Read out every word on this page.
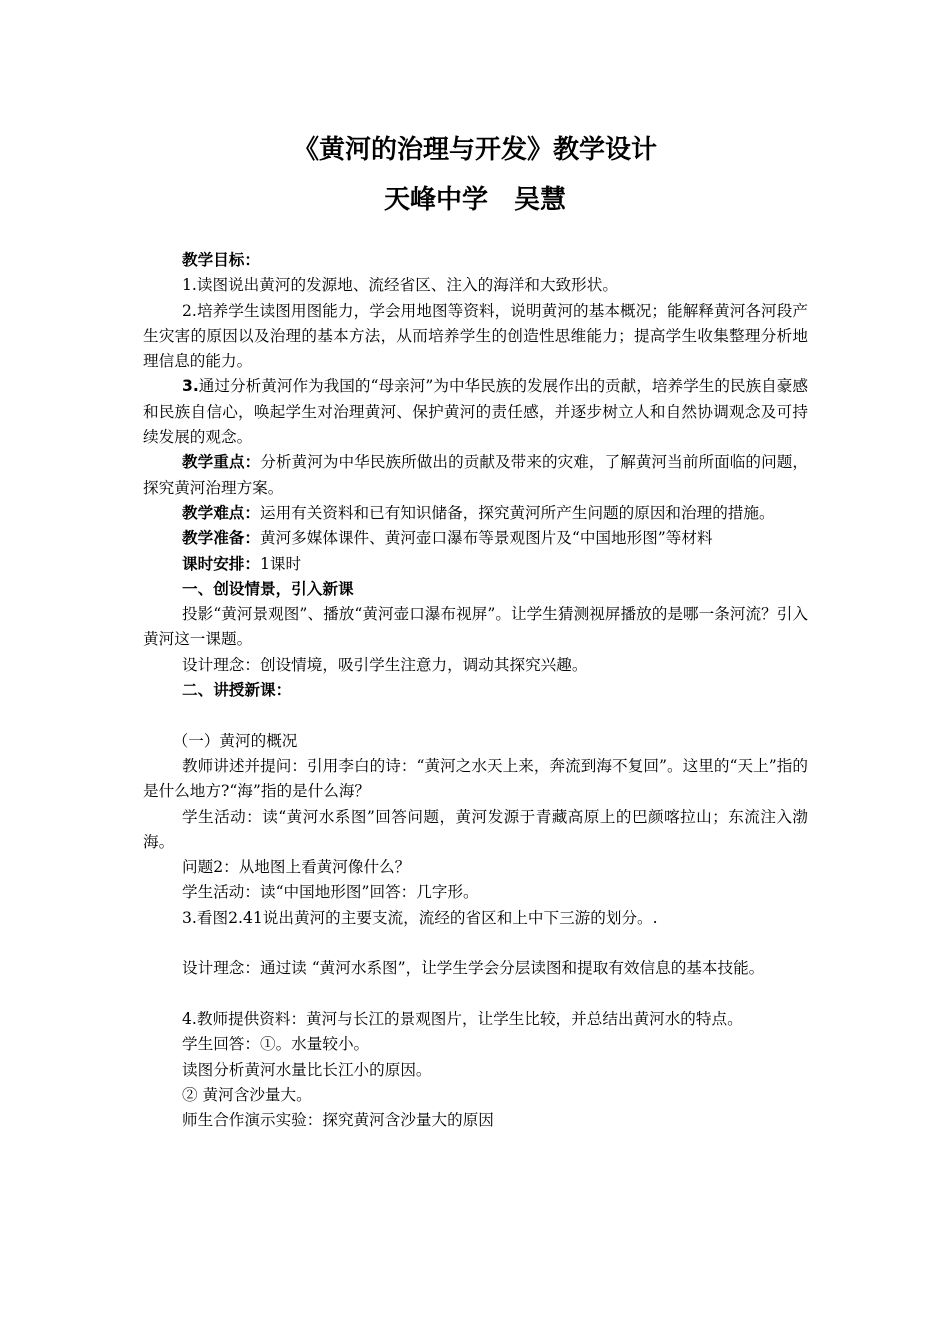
《黄河的治理与开发》教学设计
天峰中学　吴慧

教学目标：

1.读图说出黄河的发源地、流经省区、注入的海洋和大致形状。

2.培养学生读图用图能力，学会用地图等资料，说明黄河的基本概况；能解释黄河各河段产生灾害的原因以及治理的基本方法，从而培养学生的创造性思维能力；提高学生收集整理分析地理信息的能力。

3.通过分析黄河作为我国的“母亲河”为中华民族的发展作出的贡献，培养学生的民族自豪感和民族自信心，唤起学生对治理黄河、保护黄河的责任感，并逐步树立人和自然协调观念及可持续发展的观念。

教学重点：分析黄河为中华民族所做出的贡献及带来的灾难，了解黄河当前所面临的问题，探究黄河治理方案。

教学难点：运用有关资料和已有知识储备，探究黄河所产生问题的原因和治理的措施。

教学准备：黄河多媒体课件、黄河壶口瀑布等景观图片及“中国地形图”等材料

课时安排：1课时

一、创设情景，引入新课

投影“黄河景观图”、播放“黄河壶口瀑布视屏”。让学生猜测视屏播放的是哪一条河流？引入黄河这一课题。

设计理念：创设情境，吸引学生注意力，调动其探究兴趣。

二、讲授新课：

（一）黄河的概况

教师讲述并提问：引用李白的诗：“黄河之水天上来，奔流到海不复回”。这里的“天上”指的是什么地方?“海”指的是什么海？

学生活动：读“黄河水系图”回答问题，黄河发源于青藏高原上的巴颜喀拉山；东流注入渤海。

问题2：从地图上看黄河像什么？

学生活动：读“中国地形图”回答：几字形。

3.看图2.41说出黄河的主要支流，流经的省区和上中下三游的划分。.

设计理念：通过读 “黄河水系图”，让学生学会分层读图和提取有效信息的基本技能。

4.教师提供资料：黄河与长江的景观图片，让学生比较，并总结出黄河水的特点。

学生回答：①。水量较小。

读图分析黄河水量比长江小的原因。

② 黄河含沙量大。

师生合作演示实验：探究黄河含沙量大的原因
